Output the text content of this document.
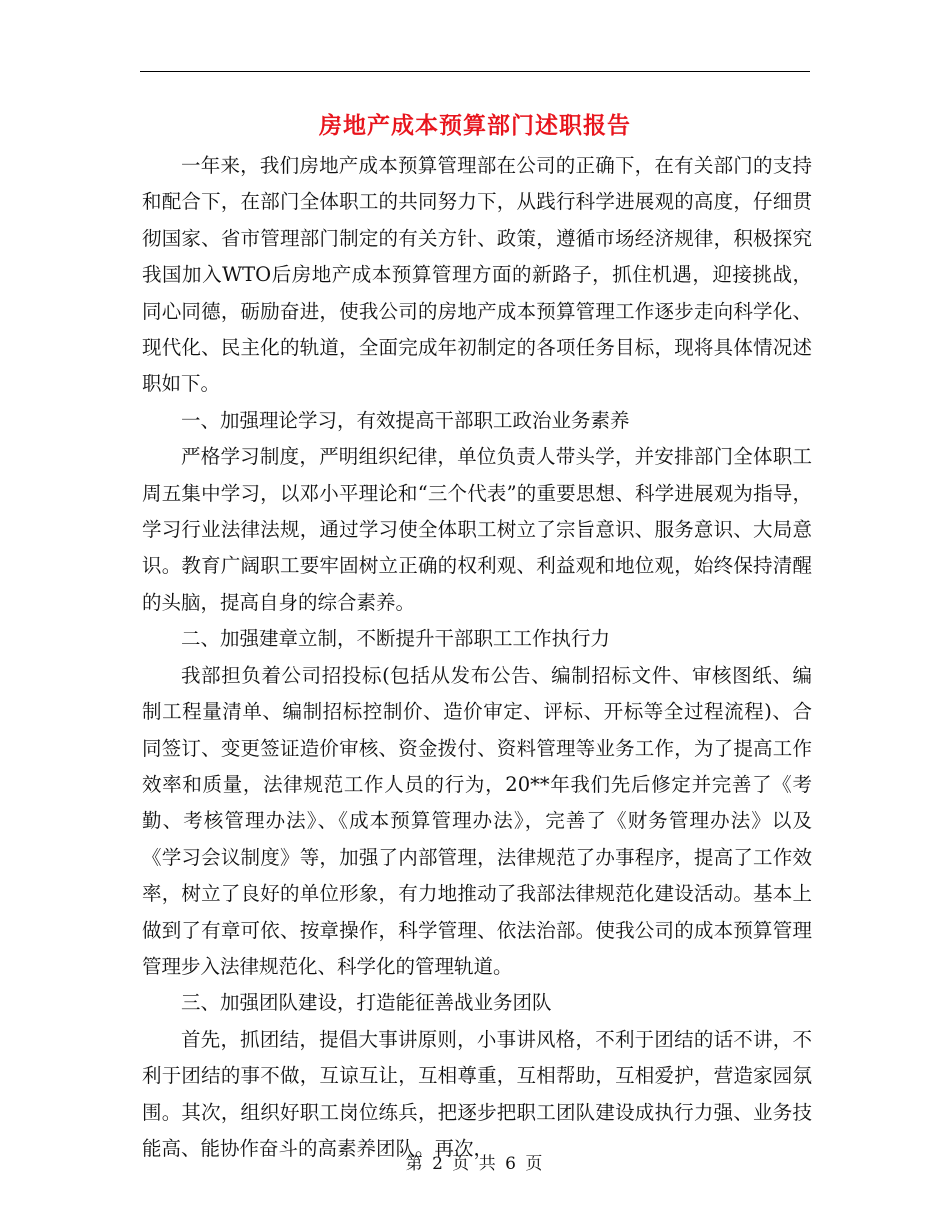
房地产成本预算部门述职报告

一年来，我们房地产成本预算管理部在公司的正确下，在有关部门的支持和配合下，在部门全体职工的共同努力下，从践行科学进展观的高度，仔细贯彻国家、省市管理部门制定的有关方针、政策，遵循市场经济规律，积极探究我国加入WTO后房地产成本预算管理方面的新路子，抓住机遇，迎接挑战，同心同德，砺励奋进，使我公司的房地产成本预算管理工作逐步走向科学化、现代化、民主化的轨道，全面完成年初制定的各项任务目标，现将具体情况述职如下。

一、加强理论学习，有效提高干部职工政治业务素养

严格学习制度，严明组织纪律，单位负责人带头学，并安排部门全体职工周五集中学习，以邓小平理论和“三个代表”的重要思想、科学进展观为指导，学习行业法律法规，通过学习使全体职工树立了宗旨意识、服务意识、大局意识。教育广阔职工要牢固树立正确的权利观、利益观和地位观，始终保持清醒的头脑，提高自身的综合素养。

二、加强建章立制，不断提升干部职工工作执行力

我部担负着公司招投标(包括从发布公告、编制招标文件、审核图纸、编制工程量清单、编制招标控制价、造价审定、评标、开标等全过程流程)、合同签订、变更签证造价审核、资金拨付、资料管理等业务工作，为了提高工作效率和质量，法律规范工作人员的行为，20**年我们先后修定并完善了《考勤、考核管理办法》、《成本预算管理办法》，完善了《财务管理办法》以及《学习会议制度》等，加强了内部管理，法律规范了办事程序，提高了工作效率，树立了良好的单位形象，有力地推动了我部法律规范化建设活动。基本上做到了有章可依、按章操作，科学管理、依法治部。使我公司的成本预算管理管理步入法律规范化、科学化的管理轨道。

三、加强团队建设，打造能征善战业务团队

首先，抓团结，提倡大事讲原则，小事讲风格，不利于团结的话不讲，不利于团结的事不做，互谅互让，互相尊重，互相帮助，互相爱护，营造家园氛围。其次，组织好职工岗位练兵，把逐步把职工团队建设成执行力强、业务技能高、能协作奋斗的高素养团队。再次，

第 2 页 共 6 页
